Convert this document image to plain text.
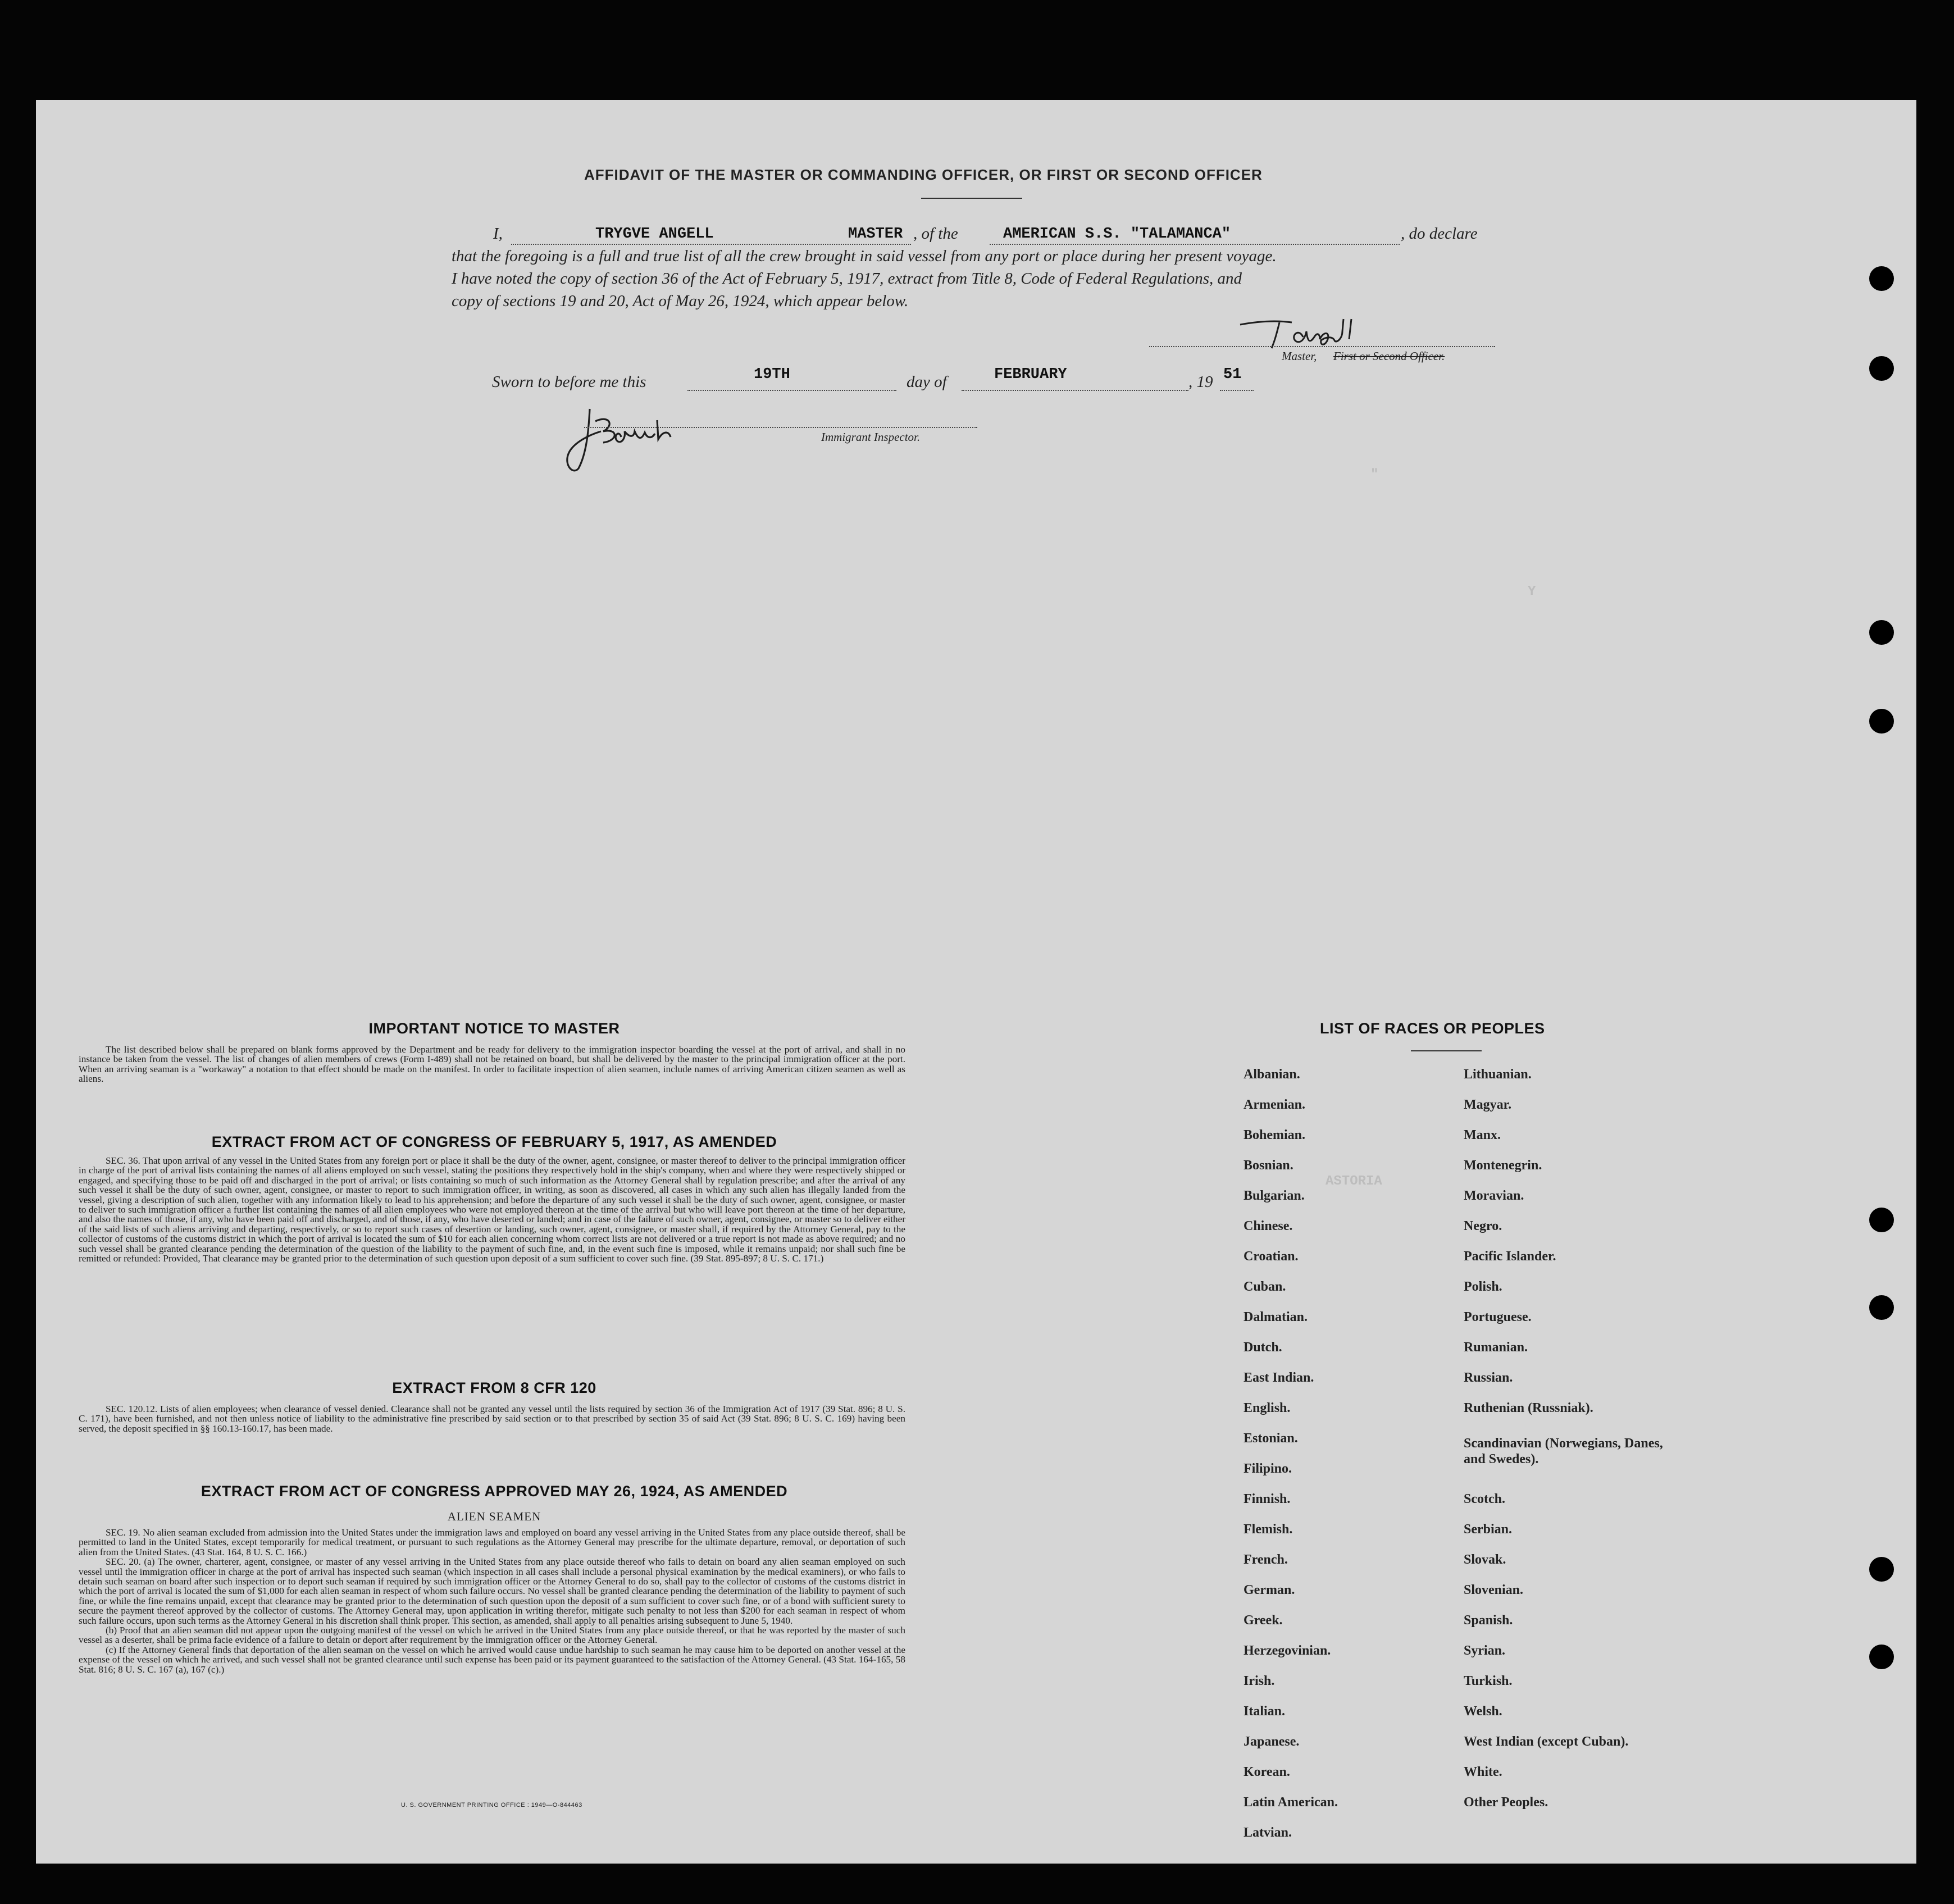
"
Y
ASTORIA
AFFIDAVIT OF THE MASTER OR COMMANDING OFFICER, OR FIRST OR SECOND OFFICER
I,	TRYGVE ANGELL	MASTER , of the	AMERICAN S.S. "TALAMANCA"	, do declare
that the foregoing is a full and true list of all the crew brought in said vessel from any port or place during her present voyage.
I have noted the copy of section 36 of the Act of February 5, 1917, extract from Title 8, Code of Federal Regulations, and
copy of sections 19 and 20, Act of May 26, 1924, which appear below.
Master, First or Second Officer.
Sworn to before me this	19TH	day of	FEBRUARY	, 19 51
Immigrant Inspector.
IMPORTANT NOTICE TO MASTER

The list described below shall be prepared on blank forms approved by the Department and be ready for delivery to the immigration inspector boarding the vessel at the port of arrival, and shall in no instance be taken from the vessel. The list of changes of alien members of crews (Form I-489) shall not be retained on board, but shall be delivered by the master to the principal immigration officer at the port. When an arriving seaman is a "workaway" a notation to that effect should be made on the manifest. In order to facilitate inspection of alien seamen, include names of arriving American citizen seamen as well as aliens.

EXTRACT FROM ACT OF CONGRESS OF FEBRUARY 5, 1917, AS AMENDED

SEC. 36. That upon arrival of any vessel in the United States from any foreign port or place it shall be the duty of the owner, agent, consignee, or master thereof to deliver to the principal immigration officer in charge of the port of arrival lists containing the names of all aliens employed on such vessel, stating the positions they respectively hold in the ship's company, when and where they were respectively shipped or engaged, and specifying those to be paid off and discharged in the port of arrival; or lists containing so much of such information as the Attorney General shall by regulation prescribe; and after the arrival of any such vessel it shall be the duty of such owner, agent, consignee, or master to report to such immigration officer, in writing, as soon as discovered, all cases in which any such alien has illegally landed from the vessel, giving a description of such alien, together with any information likely to lead to his apprehension; and before the departure of any such vessel it shall be the duty of such owner, agent, consignee, or master to deliver to such immigration officer a further list containing the names of all alien employees who were not employed thereon at the time of the arrival but who will leave port thereon at the time of her departure, and also the names of those, if any, who have been paid off and discharged, and of those, if any, who have deserted or landed; and in case of the failure of such owner, agent, consignee, or master so to deliver either of the said lists of such aliens arriving and departing, respectively, or so to report such cases of desertion or landing, such owner, agent, consignee, or master shall, if required by the Attorney General, pay to the collector of customs of the customs district in which the port of arrival is located the sum of $10 for each alien concerning whom correct lists are not delivered or a true report is not made as above required; and no such vessel shall be granted clearance pending the determination of the question of the liability to the payment of such fine, and, in the event such fine is imposed, while it remains unpaid; nor shall such fine be remitted or refunded: Provided, That clearance may be granted prior to the determination of such question upon deposit of a sum sufficient to cover such fine. (39 Stat. 895-897; 8 U. S. C. 171.)

EXTRACT FROM 8 CFR 120

SEC. 120.12. Lists of alien employees; when clearance of vessel denied. Clearance shall not be granted any vessel until the lists required by section 36 of the Immigration Act of 1917 (39 Stat. 896; 8 U. S. C. 171), have been furnished, and not then unless notice of liability to the administrative fine prescribed by said section or to that prescribed by section 35 of said Act (39 Stat. 896; 8 U. S. C. 169) having been served, the deposit specified in §§ 160.13-160.17, has been made.

EXTRACT FROM ACT OF CONGRESS APPROVED MAY 26, 1924, AS AMENDED
ALIEN SEAMEN

SEC. 19. No alien seaman excluded from admission into the United States under the immigration laws and employed on board any vessel arriving in the United States from any place outside thereof, shall be permitted to land in the United States, except temporarily for medical treatment, or pursuant to such regulations as the Attorney General may prescribe for the ultimate departure, removal, or deportation of such alien from the United States. (43 Stat. 164, 8 U. S. C. 166.)

SEC. 20. (a) The owner, charterer, agent, consignee, or master of any vessel arriving in the United States from any place outside thereof who fails to detain on board any alien seaman employed on such vessel until the immigration officer in charge at the port of arrival has inspected such seaman (which inspection in all cases shall include a personal physical examination by the medical examiners), or who fails to detain such seaman on board after such inspection or to deport such seaman if required by such immigration officer or the Attorney General to do so, shall pay to the collector of customs of the customs district in which the port of arrival is located the sum of $1,000 for each alien seaman in respect of whom such failure occurs. No vessel shall be granted clearance pending the determination of the liability to payment of such fine, or while the fine remains unpaid, except that clearance may be granted prior to the determination of such question upon the deposit of a sum sufficient to cover such fine, or of a bond with sufficient surety to secure the payment thereof approved by the collector of customs. The Attorney General may, upon application in writing therefor, mitigate such penalty to not less than $200 for each seaman in respect of whom such failure occurs, upon such terms as the Attorney General in his discretion shall think proper. This section, as amended, shall apply to all penalties arising subsequent to June 5, 1940.

(b) Proof that an alien seaman did not appear upon the outgoing manifest of the vessel on which he arrived in the United States from any place outside thereof, or that he was reported by the master of such vessel as a deserter, shall be prima facie evidence of a failure to detain or deport after requirement by the immigration officer or the Attorney General.

(c) If the Attorney General finds that deportation of the alien seaman on the vessel on which he arrived would cause undue hardship to such seaman he may cause him to be deported on another vessel at the expense of the vessel on which he arrived, and such vessel shall not be granted clearance until such expense has been paid or its payment guaranteed to the satisfaction of the Attorney General. (43 Stat. 164-165, 58 Stat. 816; 8 U. S. C. 167 (a), 167 (c).)

U. S. GOVERNMENT PRINTING OFFICE : 1949—O-844463
LIST OF RACES OR PEOPLES
Albanian.
Armenian.
Bohemian.
Bosnian.
Bulgarian.
Chinese.
Croatian.
Cuban.
Dalmatian.
Dutch.
East Indian.
English.
Estonian.
Filipino.
Finnish.
Flemish.
French.
German.
Greek.
Herzegovinian.
Irish.
Italian.
Japanese.
Korean.
Latin American.
Latvian.
Lithuanian.
Magyar.
Manx.
Montenegrin.
Moravian.
Negro.
Pacific Islander.
Polish.
Portuguese.
Rumanian.
Russian.
Ruthenian (Russniak).
Scandinavian (Norwegians, Danes, and Swedes).
Scotch.
Serbian.
Slovak.
Slovenian.
Spanish.
Syrian.
Turkish.
Welsh.
West Indian (except Cuban).
White.
Other Peoples.
